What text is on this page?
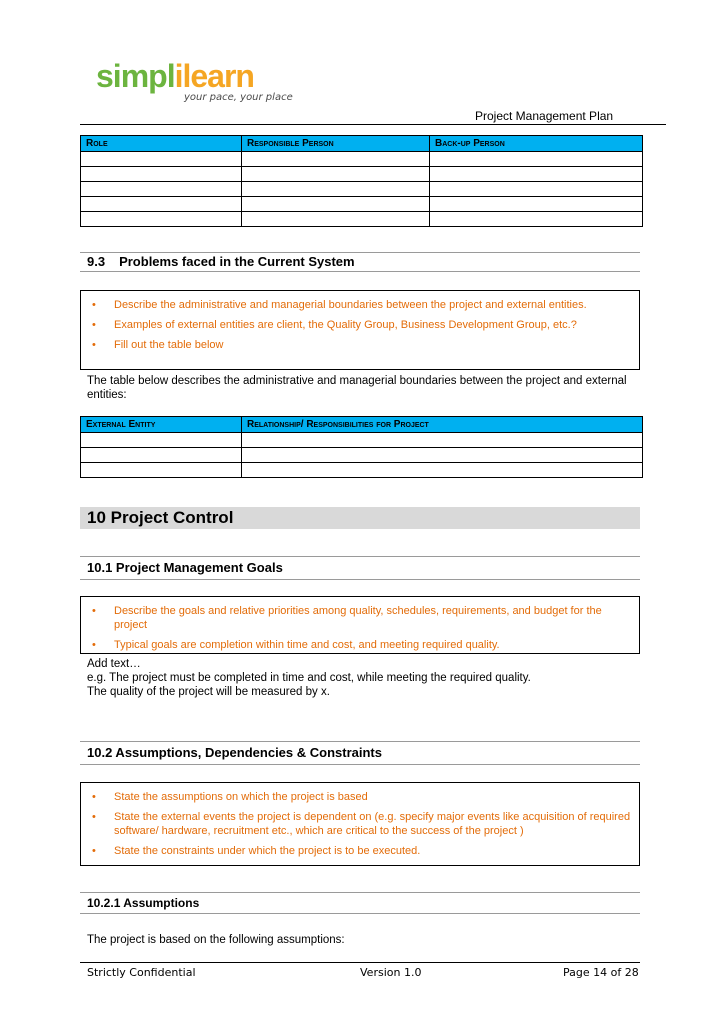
simplilearn
your pace, your place
Project Management Plan
Role	Responsible Person	Back-up Person

9.3 Problems faced in the Current System
• Describe the administrative and managerial boundaries between the project and external entities.
• Examples of external entities are client, the Quality Group, Business Development Group, etc.?
• Fill out the table below
The table below describes the administrative and managerial boundaries between the project and external entities:
External Entity	Relationship/ Responsibilities for Project

10 Project Control
10.1 Project Management Goals
• Describe the goals and relative priorities among quality, schedules, requirements, and budget for the project
• Typical goals are completion within time and cost, and meeting required quality.
Add text…
e.g. The project must be completed in time and cost, while meeting the required quality.
The quality of the project will be measured by x.
10.2 Assumptions, Dependencies & Constraints
• State the assumptions on which the project is based
• State the external events the project is dependent on (e.g. specify major events like acquisition of required software/ hardware, recruitment etc., which are critical to the success of the project )
• State the constraints under which the project is to be executed.
10.2.1 Assumptions
The project is based on the following assumptions:
Strictly Confidential	Version 1.0	Page 14 of 28
